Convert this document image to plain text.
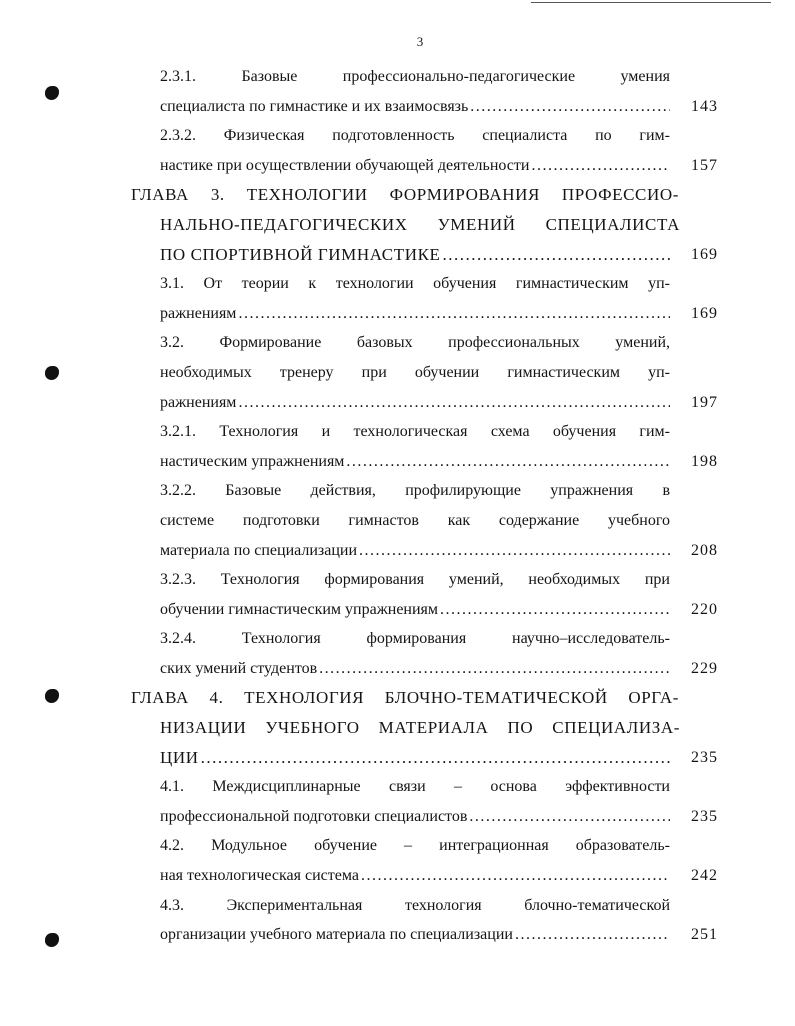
3
2.3.1. Базовые профессионально-педагогические умения
специалиста по гимнастике и их взаимосвязь .....	143
2.3.2. Физическая подготовленность специалиста по гим-
настике при осуществлении обучающей деятельности .....	157
ГЛАВА 3. ТЕХНОЛОГИИ ФОРМИРОВАНИЯ ПРОФЕССИО-
НАЛЬНО-ПЕДАГОГИЧЕСКИХ УМЕНИЙ СПЕЦИАЛИСТА
ПО СПОРТИВНОЙ ГИМНАСТИКЕ .....	169
3.1. От теории к технологии обучения гимнастическим уп-
ражнениям .....	169
3.2. Формирование базовых профессиональных умений,
необходимых тренеру при обучении гимнастическим уп-
ражнениям .....	197
3.2.1. Технология и технологическая схема обучения гим-
настическим упражнениям .....	198
3.2.2. Базовые действия, профилирующие упражнения в
системе подготовки гимнастов как содержание учебного
материала по специализации .....	208
3.2.3. Технология формирования умений, необходимых при
обучении гимнастическим упражнениям .....	220
3.2.4. Технология формирования научно–исследователь-
ских умений студентов .....	229
ГЛАВА 4. ТЕХНОЛОГИЯ БЛОЧНО-ТЕМАТИЧЕСКОЙ ОРГА-
НИЗАЦИИ УЧЕБНОГО МАТЕРИАЛА ПО СПЕЦИАЛИЗА-
ЦИИ .....	235
4.1. Междисциплинарные связи – основа эффективности
профессиональной подготовки специалистов .....	235
4.2. Модульное обучение – интеграционная образователь-
ная технологическая система .....	242
4.3. Экспериментальная технология блочно-тематической
организации учебного материала по специализации .....	251
